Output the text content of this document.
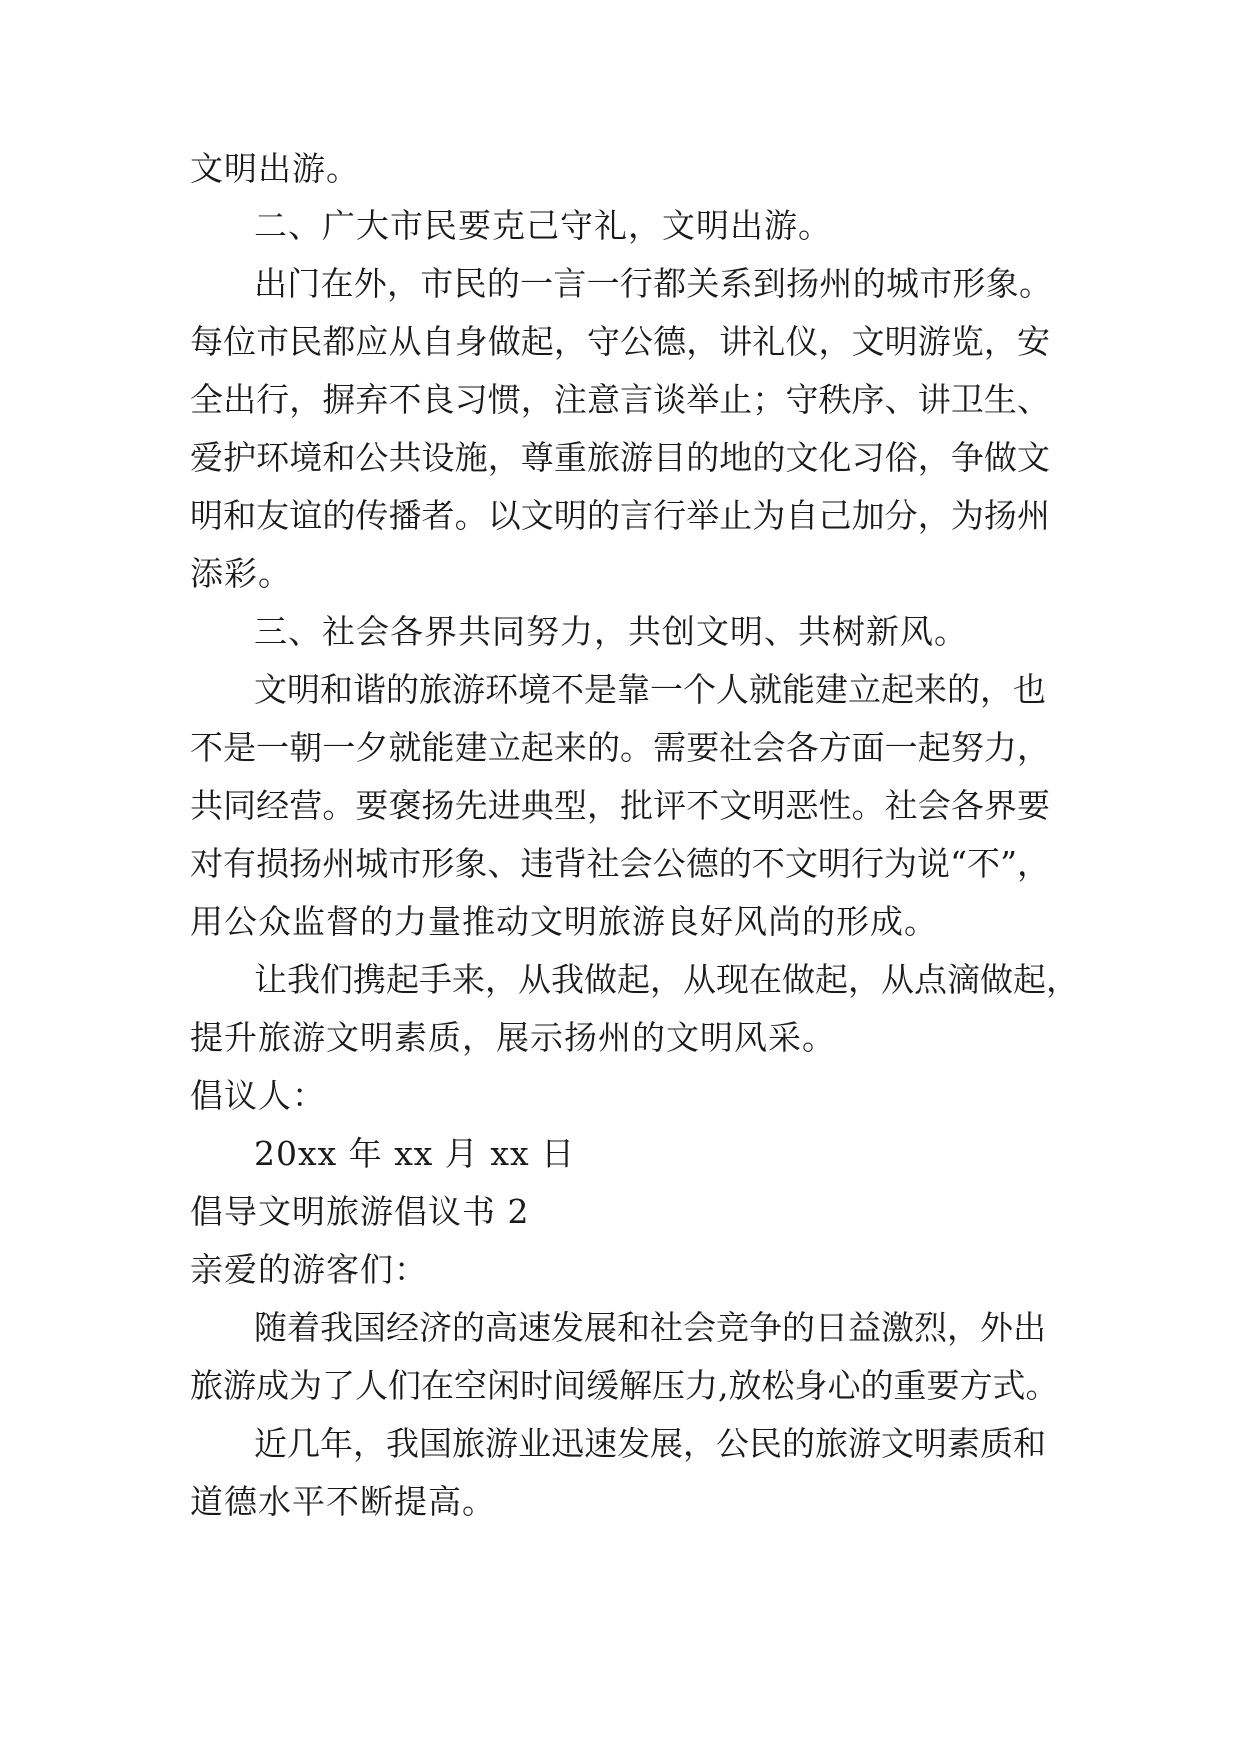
文明出游。

二、广大市民要克己守礼，文明出游。

出门在外，市民的一言一行都关系到扬州的城市形象。

每位市民都应从自身做起，守公德，讲礼仪，文明游览，安

全出行，摒弃不良习惯，注意言谈举止；守秩序、讲卫生、

爱护环境和公共设施，尊重旅游目的地的文化习俗，争做文

明和友谊的传播者。以文明的言行举止为自己加分，为扬州

添彩。

三、社会各界共同努力，共创文明、共树新风。

文明和谐的旅游环境不是靠一个人就能建立起来的，也

不是一朝一夕就能建立起来的。需要社会各方面一起努力，

共同经营。要褒扬先进典型，批评不文明恶性。社会各界要

对有损扬州城市形象、违背社会公德的不文明行为说“不”，

用公众监督的力量推动文明旅游良好风尚的形成。

让我们携起手来，从我做起，从现在做起，从点滴做起，

提升旅游文明素质，展示扬州的文明风采。

倡议人：

20xx 年 xx 月 xx 日

倡导文明旅游倡议书 2

亲爱的游客们：

随着我国经济的高速发展和社会竞争的日益激烈，外出

旅游成为了人们在空闲时间缓解压力,放松身心的重要方式。

近几年，我国旅游业迅速发展，公民的旅游文明素质和

道德水平不断提高。
